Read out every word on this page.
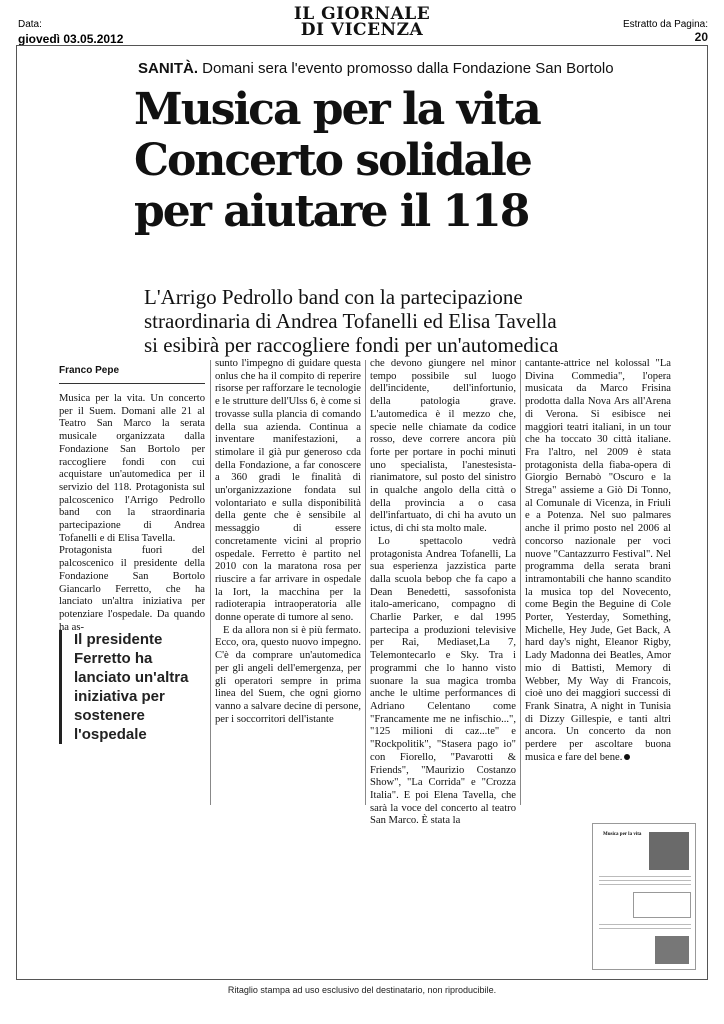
Data:
giovedì 03.05.2012
IL GIORNALE
DI VICENZA	Estratto da Pagina:
20
SANITÀ. Domani sera l'evento promosso dalla Fondazione San Bortolo
Musica per la vita
Concerto solidale
per aiutare il 118
L'Arrigo Pedrollo band con la partecipazione
straordinaria di Andrea Tofanelli ed Elisa Tavella
si esibirà per raccogliere fondi per un'automedica
Franco Pepe

Musica per la vita. Un concerto per il Suem. Domani alle 21 al Teatro San Marco la serata musicale organizzata dalla Fondazione San Bortolo per raccogliere fondi con cui acquistare un'automedica per il servizio del 118. Protagonista sul palcoscenico l'Arrigo Pedrollo band con la straordinaria partecipazione di Andrea Tofanelli e di Elisa Tavella.

Protagonista fuori del palcoscenico il presidente della Fondazione San Bortolo Giancarlo Ferretto, che ha lanciato un'altra iniziativa per potenziare l'ospedale. Da quando ha as-

Il presidente Ferretto ha lanciato un'altra iniziativa per sostenere l'ospedale

sunto l'impegno di guidare questa onlus che ha il compito di reperire risorse per rafforzare le tecnologie e le strutture dell'Ulss 6, è come si trovasse sulla plancia di comando della sua azienda. Continua a inventare manifestazioni, a stimolare il già pur generoso cda della Fondazione, a far conoscere a 360 gradi le finalità di un'organizzazione fondata sul volontariato e sulla disponibilità della gente che è sensibile al messaggio di essere concretamente vicini al proprio ospedale. Ferretto è partito nel 2010 con la maratona rosa per riuscire a far arrivare in ospedale la Iort, la macchina per la radioterapia intraoperatoria alle donne operate di tumore al seno.

E da allora non si è più fermato. Ecco, ora, questo nuovo impegno. C'è da comprare un'automedica per gli angeli dell'emergenza, per gli operatori sempre in prima linea del Suem, che ogni giorno vanno a salvare decine di persone, per i soccorritori dell'istante

che devono giungere nel minor tempo possibile sul luogo dell'incidente, dell'infortunio, della patologia grave. L'automedica è il mezzo che, specie nelle chiamate da codice rosso, deve correre ancora più forte per portare in pochi minuti uno specialista, l'anestesista-rianimatore, sul posto del sinistro in qualche angolo della città o della provincia a o casa dell'infartuato, di chi ha avuto un ictus, di chi sta molto male.

Lo spettacolo vedrà protagonista Andrea Tofanelli, La sua esperienza jazzistica parte dalla scuola bebop che fa capo a Dean Benedetti, sassofonista italo-americano, compagno di Charlie Parker, e dal 1995 partecipa a produzioni televisive per Rai, Mediaset,La 7, Telemontecarlo e Sky. Tra i programmi che lo hanno visto suonare la sua magica tromba anche le ultime performances di Adriano Celentano come "Francamente me ne infischio...", "125 milioni di caz...te" e "Rockpolitik", "Stasera pago io" con Fiorello, "Pavarotti & Friends", "Maurizio Costanzo Show", "La Corrida" e "Crozza Italia". E poi Elena Tavella, che sarà la voce del concerto al teatro San Marco. È stata la

cantante-attrice nel kolossal "La Divina Commedia", l'opera musicata da Marco Frisina prodotta dalla Nova Ars all'Arena di Verona. Si esibisce nei maggiori teatri italiani, in un tour che ha toccato 30 città italiane. Fra l'altro, nel 2009 è stata protagonista della fiaba-opera di Giorgio Bernabò "Oscuro e la Strega" assieme a Giò Di Tonno, al Comunale di Vicenza, in Friuli e a Potenza. Nel suo palmares anche il primo posto nel 2006 al concorso nazionale per voci nuove "Cantazzurro Festival". Nel programma della serata brani intramontabili che hanno scandito la musica top del Novecento, come Begin the Beguine di Cole Porter, Yesterday, Something, Michelle, Hey Jude, Get Back, A hard day's night, Eleanor Rigby, Lady Madonna dei Beatles, Amor mio di Battisti, Memory di Webber, My Way di Francois, cioè uno dei maggiori successi di Frank Sinatra, A night in Tunisia di Dizzy Gillespie, e tanti altri ancora. Un concerto da non perdere per ascoltare buona musica e fare del bene.

Musica per la vita
Ritaglio stampa ad uso esclusivo del destinatario, non riproducibile.
